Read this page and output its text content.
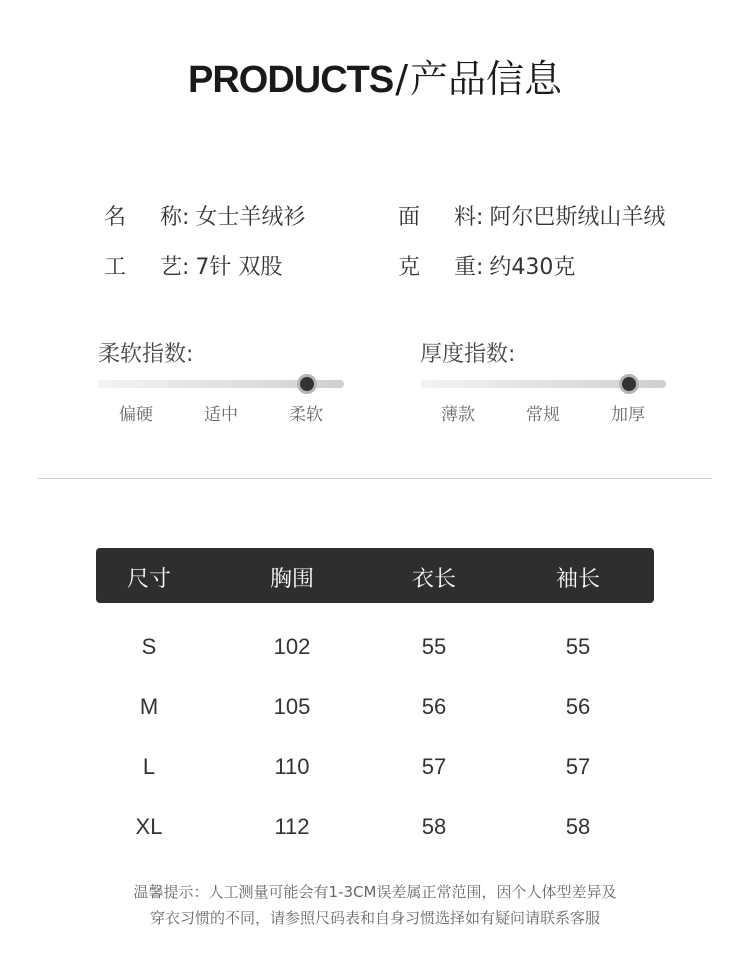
PRODUCTS/产品信息
名 称: 女士羊绒衫	面 料: 阿尔巴斯绒山羊绒
工 艺: 7针 双股	克 重: 约430克
柔软指数:
偏硬	适中	柔软
厚度指数:
薄款	常规	加厚
尺寸	胸围	衣长	袖长
S	102	55	55
M	105	56	56
L	110	57	57
XL	112	58	58
温馨提示：人工测量可能会有1-3CM误差属正常范围，因个人体型差异及
穿衣习惯的不同，请参照尺码表和自身习惯选择如有疑问请联系客服
